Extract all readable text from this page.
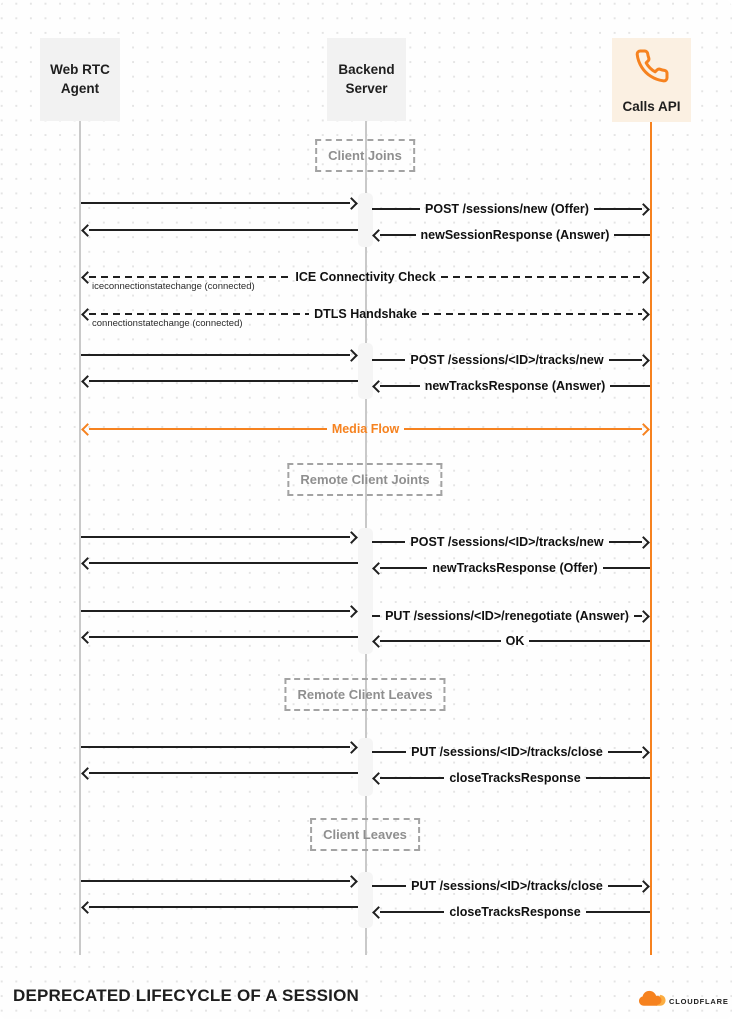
Web RTC
Agent
Backend
Server
Calls API
Client Joins
Remote Client Joints
Remote Client Leaves
Client Leaves
POST /sessions/new (Offer)
newSessionResponse (Answer)
ICE Connectivity Check
iceconnectionstatechange (connected)
DTLS Handshake
connectionstatechange (connected)
POST /sessions/<ID>/tracks/new
newTracksResponse (Answer)
Media Flow
POST /sessions/<ID>/tracks/new
newTracksResponse (Offer)
PUT /sessions/<ID>/renegotiate (Answer)
OK
PUT /sessions/<ID>/tracks/close
closeTracksResponse
PUT /sessions/<ID>/tracks/close
closeTracksResponse
DEPRECATED LIFECYCLE OF A SESSION	CLOUDFLARE
